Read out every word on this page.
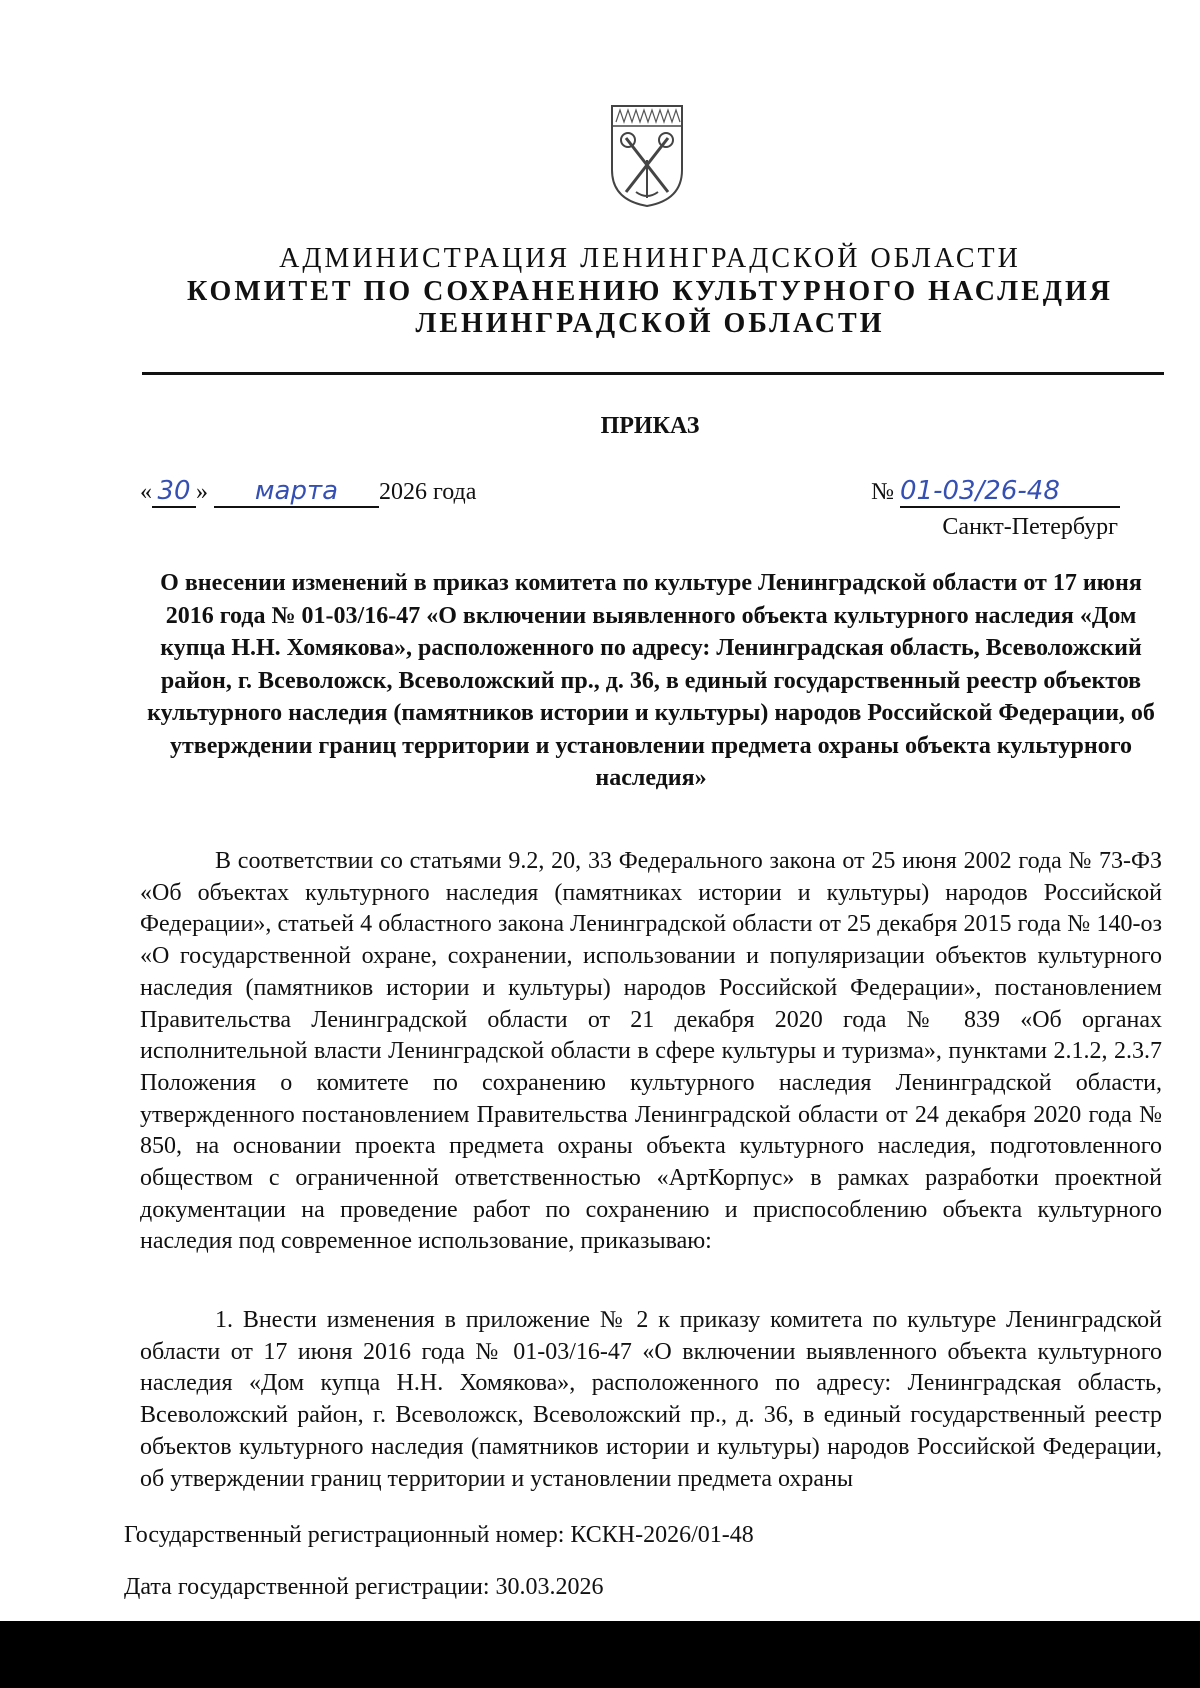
АДМИНИСТРАЦИЯ ЛЕНИНГРАДСКОЙ ОБЛАСТИ

КОМИТЕТ ПО СОХРАНЕНИЮ КУЛЬТУРНОГО НАСЛЕДИЯ

ЛЕНИНГРАДСКОЙ ОБЛАСТИ

ПРИКАЗ

« 30 » марта 2026 года	№ 01-03/26-48
Санкт-Петербург

О внесении изменений в приказ комитета по культуре Ленинградской области от 17 июня 2016 года № 01-03/16-47 «О включении выявленного объекта культурного наследия «Дом купца Н.Н. Хомякова», расположенного по адресу: Ленинградская область, Всеволожский район, г. Всеволожск, Всеволожский пр., д. 36, в единый государственный реестр объектов культурного наследия (памятников истории и культуры) народов Российской Федерации, об утверждении границ территории и установлении предмета охраны объекта культурного наследия»

В соответствии со статьями 9.2, 20, 33 Федерального закона от 25 июня 2002 года № 73-ФЗ «Об объектах культурного наследия (памятниках истории и культуры) народов Российской Федерации», статьей 4 областного закона Ленинградской области от 25 декабря 2015 года № 140-оз «О государственной охране, сохранении, использовании и популяризации объектов культурного наследия (памятников истории и культуры) народов Российской Федерации», постановлением Правительства Ленинградской области от 21 декабря 2020 года № 839 «Об органах исполнительной власти Ленинградской области в сфере культуры и туризма», пунктами 2.1.2, 2.3.7 Положения о комитете по сохранению культурного наследия Ленинградской области, утвержденного постановлением Правительства Ленинградской области от 24 декабря 2020 года № 850, на основании проекта предмета охраны объекта культурного наследия, подготовленного обществом с ограниченной ответственностью «АртКорпус» в рамках разработки проектной документации на проведение работ по сохранению и приспособлению объекта культурного наследия под современное использование, приказываю:

1. Внести изменения в приложение № 2 к приказу комитета по культуре Ленинградской области от 17 июня 2016 года № 01-03/16-47 «О включении выявленного объекта культурного наследия «Дом купца Н.Н. Хомякова», расположенного по адресу: Ленинградская область, Всеволожский район, г. Всеволожск, Всеволожский пр., д. 36, в единый государственный реестр объектов культурного наследия (памятников истории и культуры) народов Российской Федерации, об утверждении границ территории и установлении предмета охраны

Государственный регистрационный номер: КСКН-2026/01-48

Дата государственной регистрации: 30.03.2026
